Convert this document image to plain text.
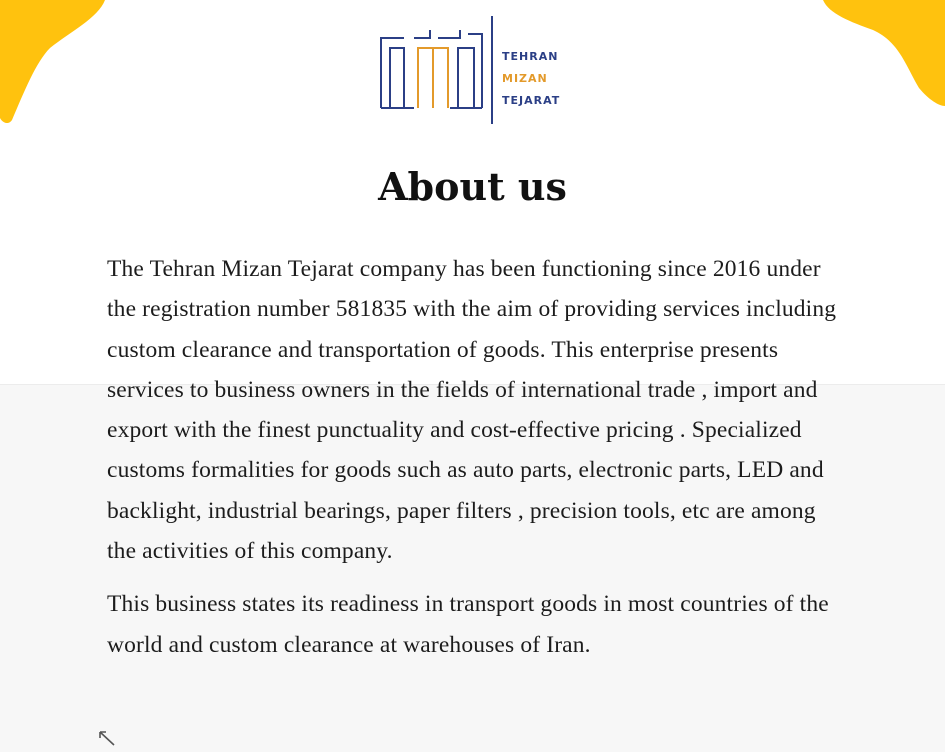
TEHRAN
MIZAN
TEJARAT

About us

The Tehran Mizan Tejarat company has been functioning since 2016 under the registration number 581835 with the aim of providing services including custom clearance and transportation of goods. This enterprise presents services to business owners in the fields of international trade , import and export with the finest punctuality and cost-effective pricing . Specialized customs formalities for goods such as auto parts, electronic parts, LED and backlight, industrial bearings, paper filters , precision tools, etc are among the activities of this company.

This business states its readiness in transport goods in most countries of the world and custom clearance at warehouses of Iran.
